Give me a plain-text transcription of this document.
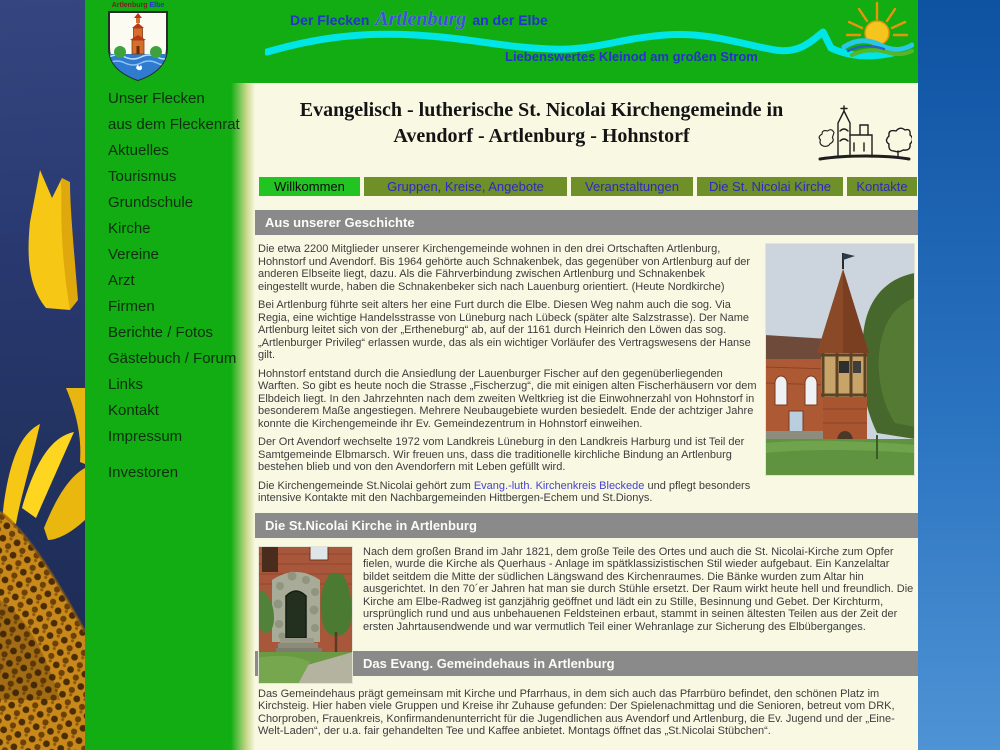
Artlenburg Elbe
Der Flecken Artlenburg an der Elbe
Liebenswertes Kleinod am großen Strom
Unser Flecken
aus dem Fleckenrat
Aktuelles
Tourismus
Grundschule
Kirche
Vereine
Arzt
Firmen
Berichte / Fotos
Gästebuch / Forum
Links
Kontakt
Impressum
Investoren
Evangelisch - lutherische St. Nicolai Kirchengemeinde in
Avendorf - Artlenburg - Hohnstorf
Willkommen	Gruppen, Kreise, Angebote	Veranstaltungen	Die St. Nicolai Kirche	Kontakte
Aus unserer Geschichte

Die etwa 2200 Mitglieder unserer Kirchengemeinde wohnen in den drei Ortschaften Artlenburg, Hohnstorf und Avendorf. Bis 1964 gehörte auch Schnakenbek, das gegenüber von Artlenburg auf der anderen Elbseite liegt, dazu. Als die Fährverbindung zwischen Artlenburg und Schnakenbek eingestellt wurde, haben die Schnakenbeker sich nach Lauenburg orientiert. (Heute Nordkirche)

Bei Artlenburg führte seit alters her eine Furt durch die Elbe. Diesen Weg nahm auch die sog. Via Regia, eine wichtige Handelsstrasse von Lüneburg nach Lübeck (später alte Salzstrasse). Der Name Artlenburg leitet sich von der „Ertheneburg“ ab, auf der 1161 durch Heinrich den Löwen das sog. „Artlenburger Privileg“ erlassen wurde, das als ein wichtiger Vorläufer des Vertragswesens der Hanse gilt.

Hohnstorf entstand durch die Ansiedlung der Lauenburger Fischer auf den gegenüberliegenden Warften. So gibt es heute noch die Strasse „Fischerzug“, die mit einigen alten Fischerhäusern vor dem Elbdeich liegt. In den Jahrzehnten nach dem zweiten Weltkrieg ist die Einwohnerzahl von Hohnstorf in besonderem Maße angestiegen. Mehrere Neubaugebiete wurden besiedelt. Ende der achtziger Jahre konnte die Kirchengemeinde ihr Ev. Gemeindezentrum in Hohnstorf einweihen.

Der Ort Avendorf wechselte 1972 vom Landkreis Lüneburg in den Landkreis Harburg und ist Teil der Samtgemeinde Elbmarsch. Wir freuen uns, dass die traditionelle kirchliche Bindung an Artlenburg bestehen blieb und von den Avendorfern mit Leben gefüllt wird.

Die Kirchengemeinde St.Nicolai gehört zum Evang.-luth. Kirchenkreis Bleckede und pflegt besonders intensive Kontakte mit den Nachbargemeinden Hittbergen-Echem und St.Dionys.

Die St.Nicolai Kirche in Artlenburg

Nach dem großen Brand im Jahr 1821, dem große Teile des Ortes und auch die St. Nicolai-Kirche zum Opfer fielen, wurde die Kirche als Querhaus - Anlage im spätklassizistischen Stil wieder aufgebaut. Ein Kanzelaltar bildet seitdem die Mitte der südlichen Längswand des Kirchenraumes. Die Bänke wurden zum Altar hin ausgerichtet. In den 70´er Jahren hat man sie durch Stühle ersetzt. Der Raum wirkt heute hell und freundlich. Die Kirche am Elbe-Radweg ist ganzjährig geöffnet und lädt ein zu Stille, Besinnung und Gebet. Der Kirchturm, ursprünglich rund und aus unbehauenen Feldsteinen erbaut, stammt in seinen ältesten Teilen aus der Zeit der ersten Jahrtausendwende und war vermutlich Teil einer Wehranlage zur Sicherung des Elbüberganges.

Das Evang. Gemeindehaus in Artlenburg

Das Gemeindehaus prägt gemeinsam mit Kirche und Pfarrhaus, in dem sich auch das Pfarrbüro befindet, den schönen Platz im Kirchsteig. Hier haben viele Gruppen und Kreise ihr Zuhause gefunden: Der Spielenachmittag und die Senioren, betreut vom DRK, Chorproben, Frauenkreis, Konfirmandenunterricht für die Jugendlichen aus Avendorf und Artlenburg, die Ev. Jugend und der „Eine-Welt-Laden“, der u.a. fair gehandelten Tee und Kaffee anbietet. Montags öffnet das „St.Nicolai Stübchen“.
